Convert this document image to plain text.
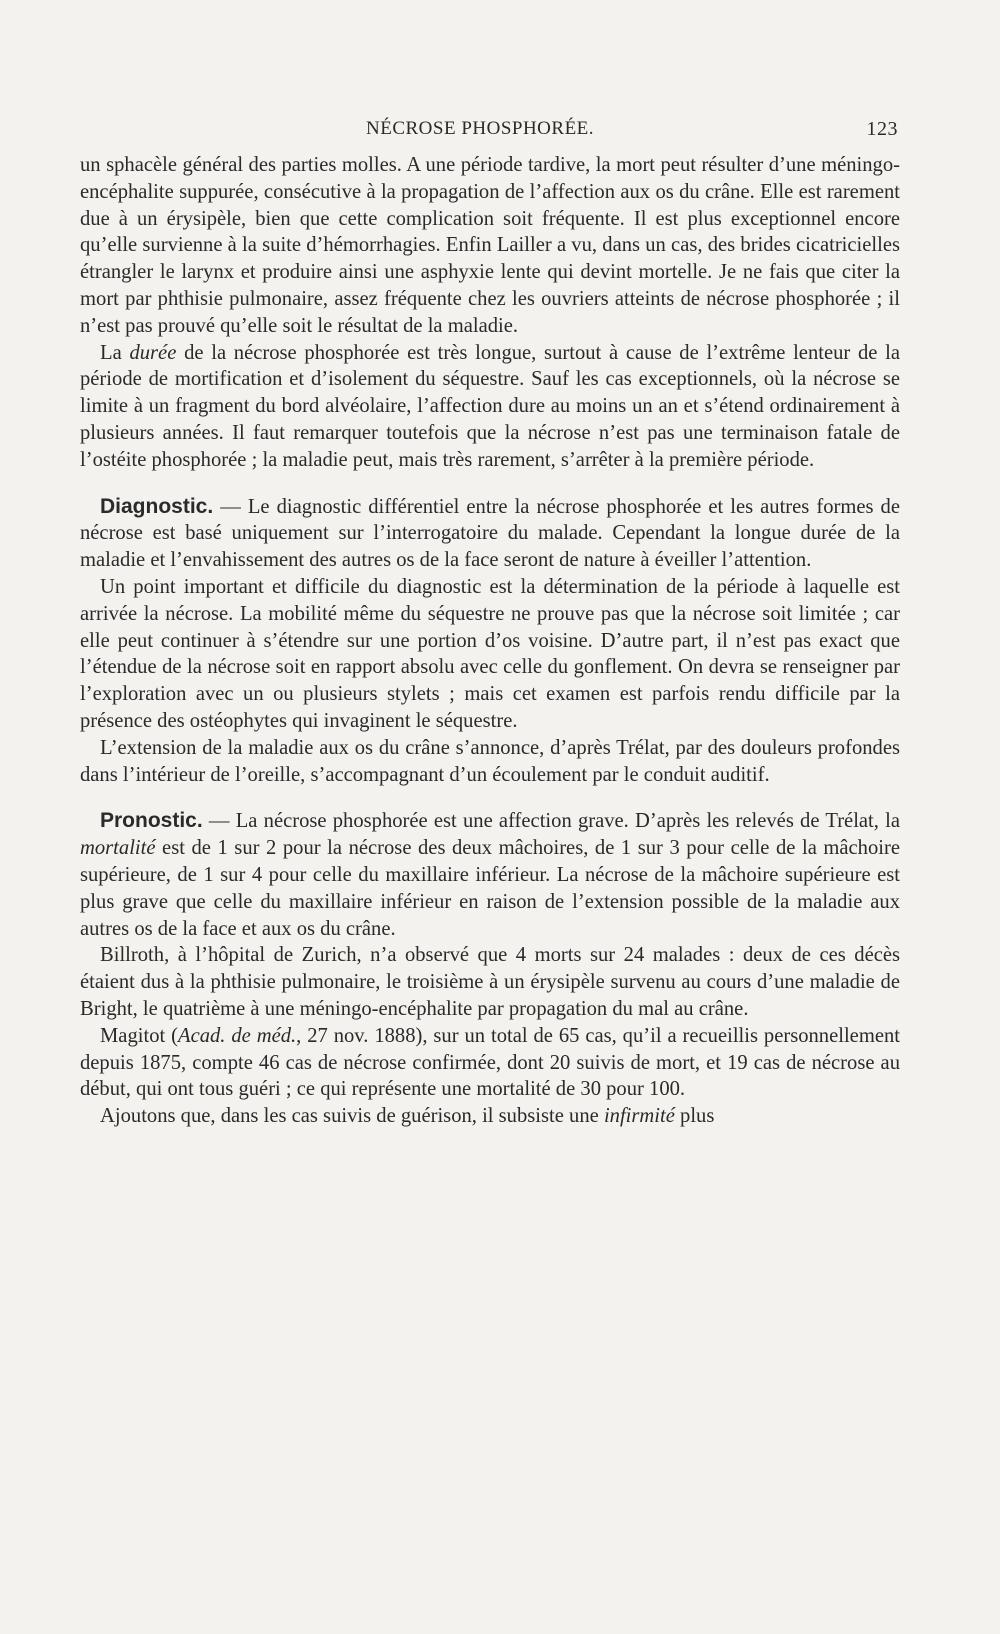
NÉCROSE PHOSPHORÉE.	123

un sphacèle général des parties molles. A une période tardive, la mort peut résulter d’une méningo-encéphalite suppurée, consécutive à la propagation de l’affection aux os du crâne. Elle est rarement due à un érysipèle, bien que cette complication soit fréquente. Il est plus exceptionnel encore qu’elle survienne à la suite d’hémorrhagies. Enfin Lailler a vu, dans un cas, des brides cicatricielles étrangler le larynx et produire ainsi une asphyxie lente qui devint mortelle. Je ne fais que citer la mort par phthisie pulmonaire, assez fréquente chez les ouvriers atteints de nécrose phosphorée ; il n’est pas prouvé qu’elle soit le résultat de la maladie.

La durée de la nécrose phosphorée est très longue, surtout à cause de l’extrême lenteur de la période de mortification et d’isolement du séquestre. Sauf les cas exceptionnels, où la nécrose se limite à un fragment du bord alvéolaire, l’affection dure au moins un an et s’étend ordinairement à plusieurs années. Il faut remarquer toutefois que la nécrose n’est pas une terminaison fatale de l’ostéite phosphorée ; la maladie peut, mais très rarement, s’arrêter à la première période.

Diagnostic. — Le diagnostic différentiel entre la nécrose phosphorée et les autres formes de nécrose est basé uniquement sur l’interrogatoire du malade. Cependant la longue durée de la maladie et l’envahissement des autres os de la face seront de nature à éveiller l’attention.

Un point important et difficile du diagnostic est la détermination de la période à laquelle est arrivée la nécrose. La mobilité même du séquestre ne prouve pas que la nécrose soit limitée ; car elle peut continuer à s’étendre sur une portion d’os voisine. D’autre part, il n’est pas exact que l’étendue de la nécrose soit en rapport absolu avec celle du gonflement. On devra se renseigner par l’exploration avec un ou plusieurs stylets ; mais cet examen est parfois rendu difficile par la présence des ostéophytes qui invaginent le séquestre.

L’extension de la maladie aux os du crâne s’annonce, d’après Trélat, par des douleurs profondes dans l’intérieur de l’oreille, s’accompagnant d’un écoulement par le conduit auditif.

Pronostic. — La nécrose phosphorée est une affection grave. D’après les relevés de Trélat, la mortalité est de 1 sur 2 pour la nécrose des deux mâchoires, de 1 sur 3 pour celle de la mâchoire supérieure, de 1 sur 4 pour celle du maxillaire inférieur. La nécrose de la mâchoire supérieure est plus grave que celle du maxillaire inférieur en raison de l’extension possible de la maladie aux autres os de la face et aux os du crâne.

Billroth, à l’hôpital de Zurich, n’a observé que 4 morts sur 24 malades : deux de ces décès étaient dus à la phthisie pulmonaire, le troisième à un érysipèle survenu au cours d’une maladie de Bright, le quatrième à une méningo-encéphalite par propagation du mal au crâne.

Magitot (Acad. de méd., 27 nov. 1888), sur un total de 65 cas, qu’il a recueillis personnellement depuis 1875, compte 46 cas de nécrose confirmée, dont 20 suivis de mort, et 19 cas de nécrose au début, qui ont tous guéri ; ce qui représente une mortalité de 30 pour 100.

Ajoutons que, dans les cas suivis de guérison, il subsiste une infirmité plus
